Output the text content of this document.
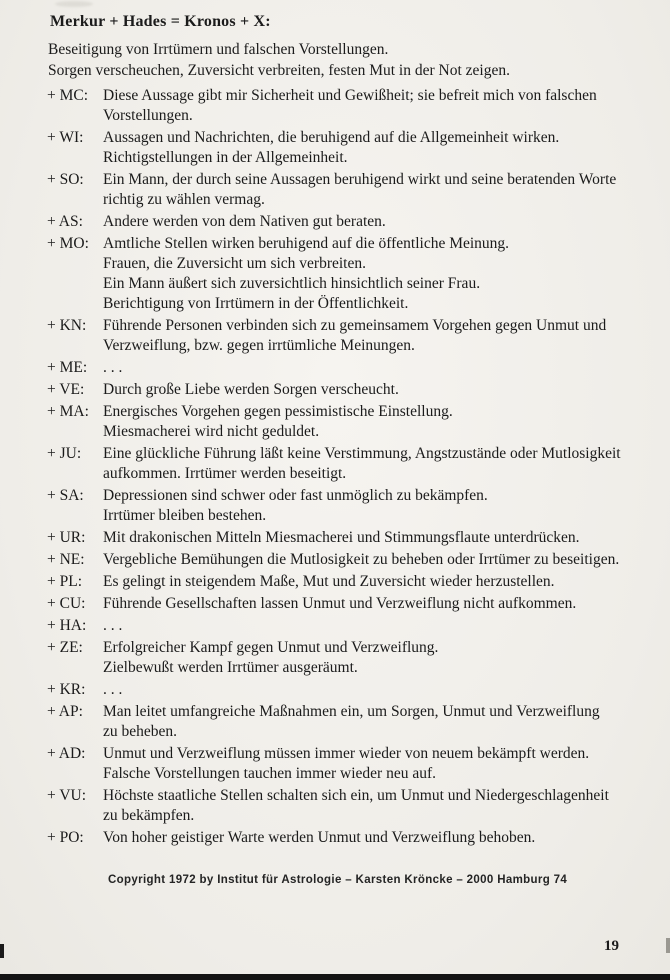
Merkur + Hades = Kronos + X:
Beseitigung von Irrtümern und falschen Vorstellungen.
Sorgen verscheuchen, Zuversicht verbreiten, festen Mut in der Not zeigen.
+ MC: Diese Aussage gibt mir Sicherheit und Gewißheit; sie befreit mich von falschen
Vorstellungen.
+ WI:	Aussagen und Nachrichten, die beruhigend auf die Allgemeinheit wirken.
Richtigstellungen in der Allgemeinheit.
+ SO:	Ein Mann, der durch seine Aussagen beruhigend wirkt und seine beratenden Worte
richtig zu wählen vermag.
+ AS:	Andere werden von dem Nativen gut beraten.
+ MO: Amtliche Stellen wirken beruhigend auf die öffentliche Meinung.
Frauen, die Zuversicht um sich verbreiten.
Ein Mann äußert sich zuversichtlich hinsichtlich seiner Frau.
Berichtigung von Irrtümern in der Öffentlichkeit.
+ KN:	Führende Personen verbinden sich zu gemeinsamem Vorgehen gegen Unmut und
Verzweiflung, bzw. gegen irrtümliche Meinungen.
+ ME:	. . .
+ VE:	Durch große Liebe werden Sorgen verscheucht.
+ MA: Energisches Vorgehen gegen pessimistische Einstellung.
Miesmacherei wird nicht geduldet.
+ JU:	Eine glückliche Führung läßt keine Verstimmung, Angstzustände oder Mutlosigkeit
aufkommen. Irrtümer werden beseitigt.
+ SA:	Depressionen sind schwer oder fast unmöglich zu bekämpfen.
Irrtümer bleiben bestehen.
+ UR:	Mit drakonischen Mitteln Miesmacherei und Stimmungsflaute unterdrücken.
+ NE:	Vergebliche Bemühungen die Mutlosigkeit zu beheben oder Irrtümer zu beseitigen.
+ PL:	Es gelingt in steigendem Maße, Mut und Zuversicht wieder herzustellen.
+ CU:	Führende Gesellschaften lassen Unmut und Verzweiflung nicht aufkommen.
+ HA:	. . .
+ ZE:	Erfolgreicher Kampf gegen Unmut und Verzweiflung.
Zielbewußt werden Irrtümer ausgeräumt.
+ KR:	. . .
+ AP:	Man leitet umfangreiche Maßnahmen ein, um Sorgen, Unmut und Verzweiflung
zu beheben.
+ AD:	Unmut und Verzweiflung müssen immer wieder von neuem bekämpft werden.
Falsche Vorstellungen tauchen immer wieder neu auf.
+ VU:	Höchste staatliche Stellen schalten sich ein, um Unmut und Niedergeschlagenheit
zu bekämpfen.
+ PO:	Von hoher geistiger Warte werden Unmut und Verzweiflung behoben.
Copyright 1972 by Institut für Astrologie – Karsten Kröncke – 2000 Hamburg 74
19
